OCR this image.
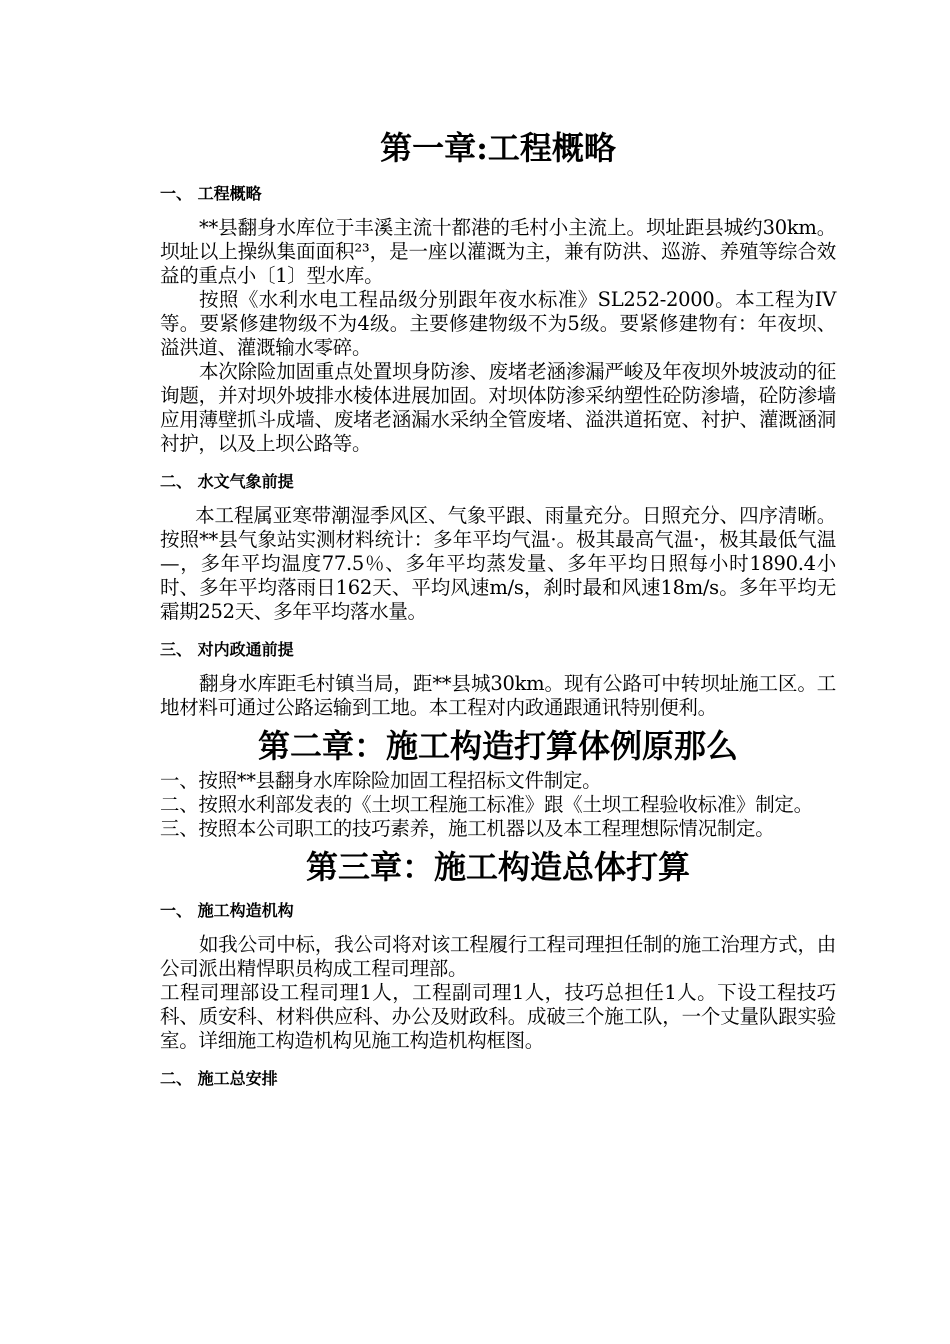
第一章:工程概略
一、 工程概略

**县翻身水库位于丰溪主流十都港的毛村小主流上。坝址距县城约30km。坝址以上操纵集面面积²³，是一座以灌溉为主，兼有防洪、巡游、养殖等综合效益的重点小〔1〕型水库。

按照《水利水电工程品级分别跟年夜水标准》SL252-2000。本工程为IV等。要紧修建物级不为4级。主要修建物级不为5级。要紧修建物有：年夜坝、溢洪道、灌溉输水零碎。

本次除险加固重点处置坝身防渗、废堵老涵渗漏严峻及年夜坝外坡波动的征询题，并对坝外坡排水棱体进展加固。对坝体防渗采纳塑性砼防渗墙，砼防渗墙应用薄壁抓斗成墙、废堵老涵漏水采纳全管废堵、溢洪道拓宽、衬护、灌溉涵洞衬护，以及上坝公路等。

二、 水文气象前提

本工程属亚寒带潮湿季风区、气象平跟、雨量充分。日照充分、四序清晰。按照**县气象站实测材料统计：多年平均气温·。极其最高气温·，极其最低气温—，多年平均温度77.5％、多年平均蒸发量、多年平均日照每小时1890.4小时、多年平均落雨日162天、平均风速m/s，刹时最和风速18m/s。多年平均无霜期252天、多年平均落水量。

三、 对内政通前提

翻身水库距毛村镇当局，距**县城30km。现有公路可中转坝址施工区。工地材料可通过公路运输到工地。本工程对内政通跟通讯特别便利。

第二章：施工构造打算体例原那么

一、按照**县翻身水库除险加固工程招标文件制定。

二、按照水利部发表的《土坝工程施工标准》跟《土坝工程验收标准》制定。

三、按照本公司职工的技巧素养，施工机器以及本工程理想际情况制定。

第三章：施工构造总体打算
一、 施工构造机构

如我公司中标，我公司将对该工程履行工程司理担任制的施工治理方式，由公司派出精悍职员构成工程司理部。

工程司理部设工程司理1人，工程副司理1人，技巧总担任1人。下设工程技巧科、质安科、材料供应科、办公及财政科。成破三个施工队，一个丈量队跟实验室。详细施工构造机构见施工构造机构框图。

二、 施工总安排
